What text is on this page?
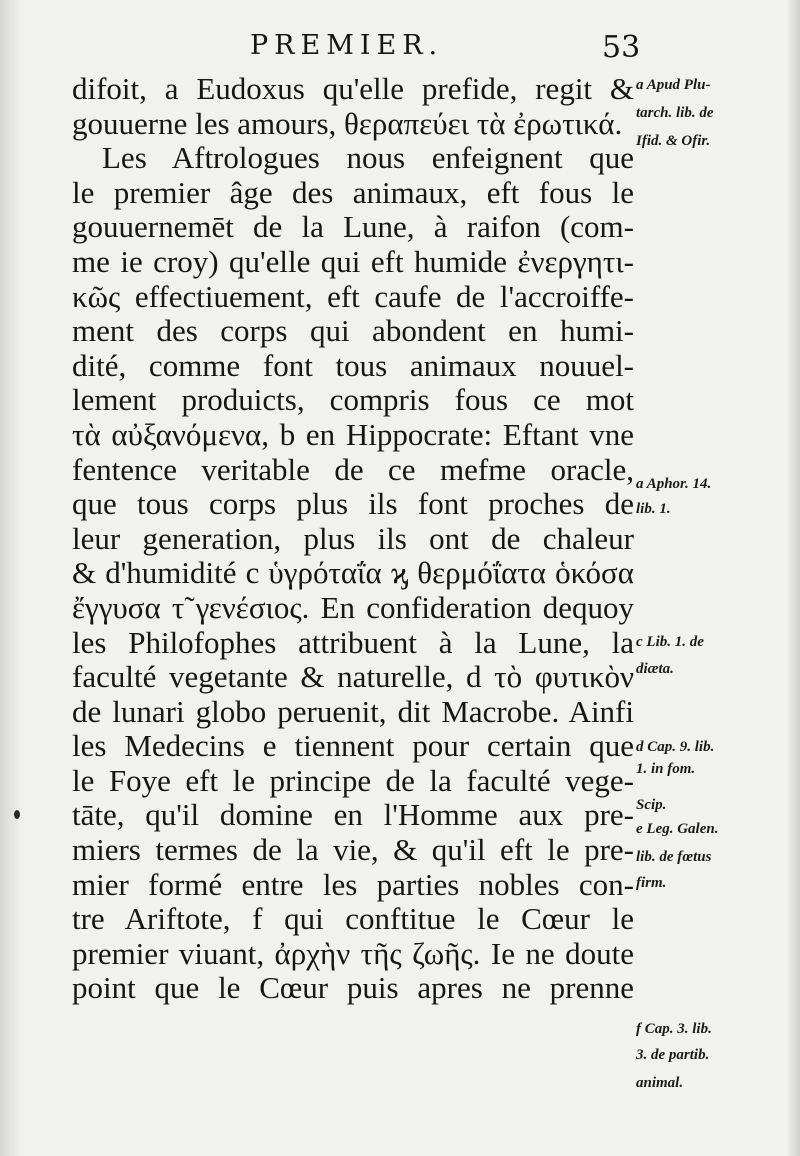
PREMIER.	53
difoit, a Eudoxus qu'elle prefide, regit &
gouuerne les amours, θεραπεύει τὰ ἐρωτικά.
Les Aftrologues nous enfeignent que
le premier âge des animaux, eft fous le
gouuernemēt de la Lune, à raifon (com-
me ie croy) qu'elle qui eft humide ἐνεργητι-
κῶς effectiuement, eft caufe de l'accroiffe-
ment des corps qui abondent en humi-
dité, comme font tous animaux nouuel-
lement produicts, compris fous ce mot
τὰ αὐξανόμενα, b en Hippocrate: Eftant vne
fentence veritable de ce mefme oracle,
que tous corps plus ils font proches de
leur generation, plus ils ont de chaleur
& d'humidité c ὑγρόταΐα ϗ θερμόΐατα ὁκόσα
ἔγγυσα τ̃ γενέσιος. En confideration dequoy
les Philofophes attribuent à la Lune, la
faculté vegetante & naturelle, d τὸ φυτικὸν
de lunari globo peruenit, dit Macrobe. Ainfi
les Medecins e tiennent pour certain que
le Foye eft le principe de la faculté vege-
tāte, qu'il domine en l'Homme aux pre-
miers termes de la vie, & qu'il eft le pre-
mier formé entre les parties nobles con-
tre Ariftote, f qui conftitue le Cœur le
premier viuant, ἀρχὴν τῆς ζωῆς. Ie ne doute
point que le Cœur puis apres ne prenne
a Apud Plu-
tarch. lib. de
Ifid. & Ofir.
a Aphor. 14.
lib. 1.
c Lib. 1. de
diæta.
d Cap. 9. lib.
1. in fom.
Scip.
e Leg. Galen.
lib. de fœtus
firm.
f Cap. 3. lib.
3. de partib.
animal.
